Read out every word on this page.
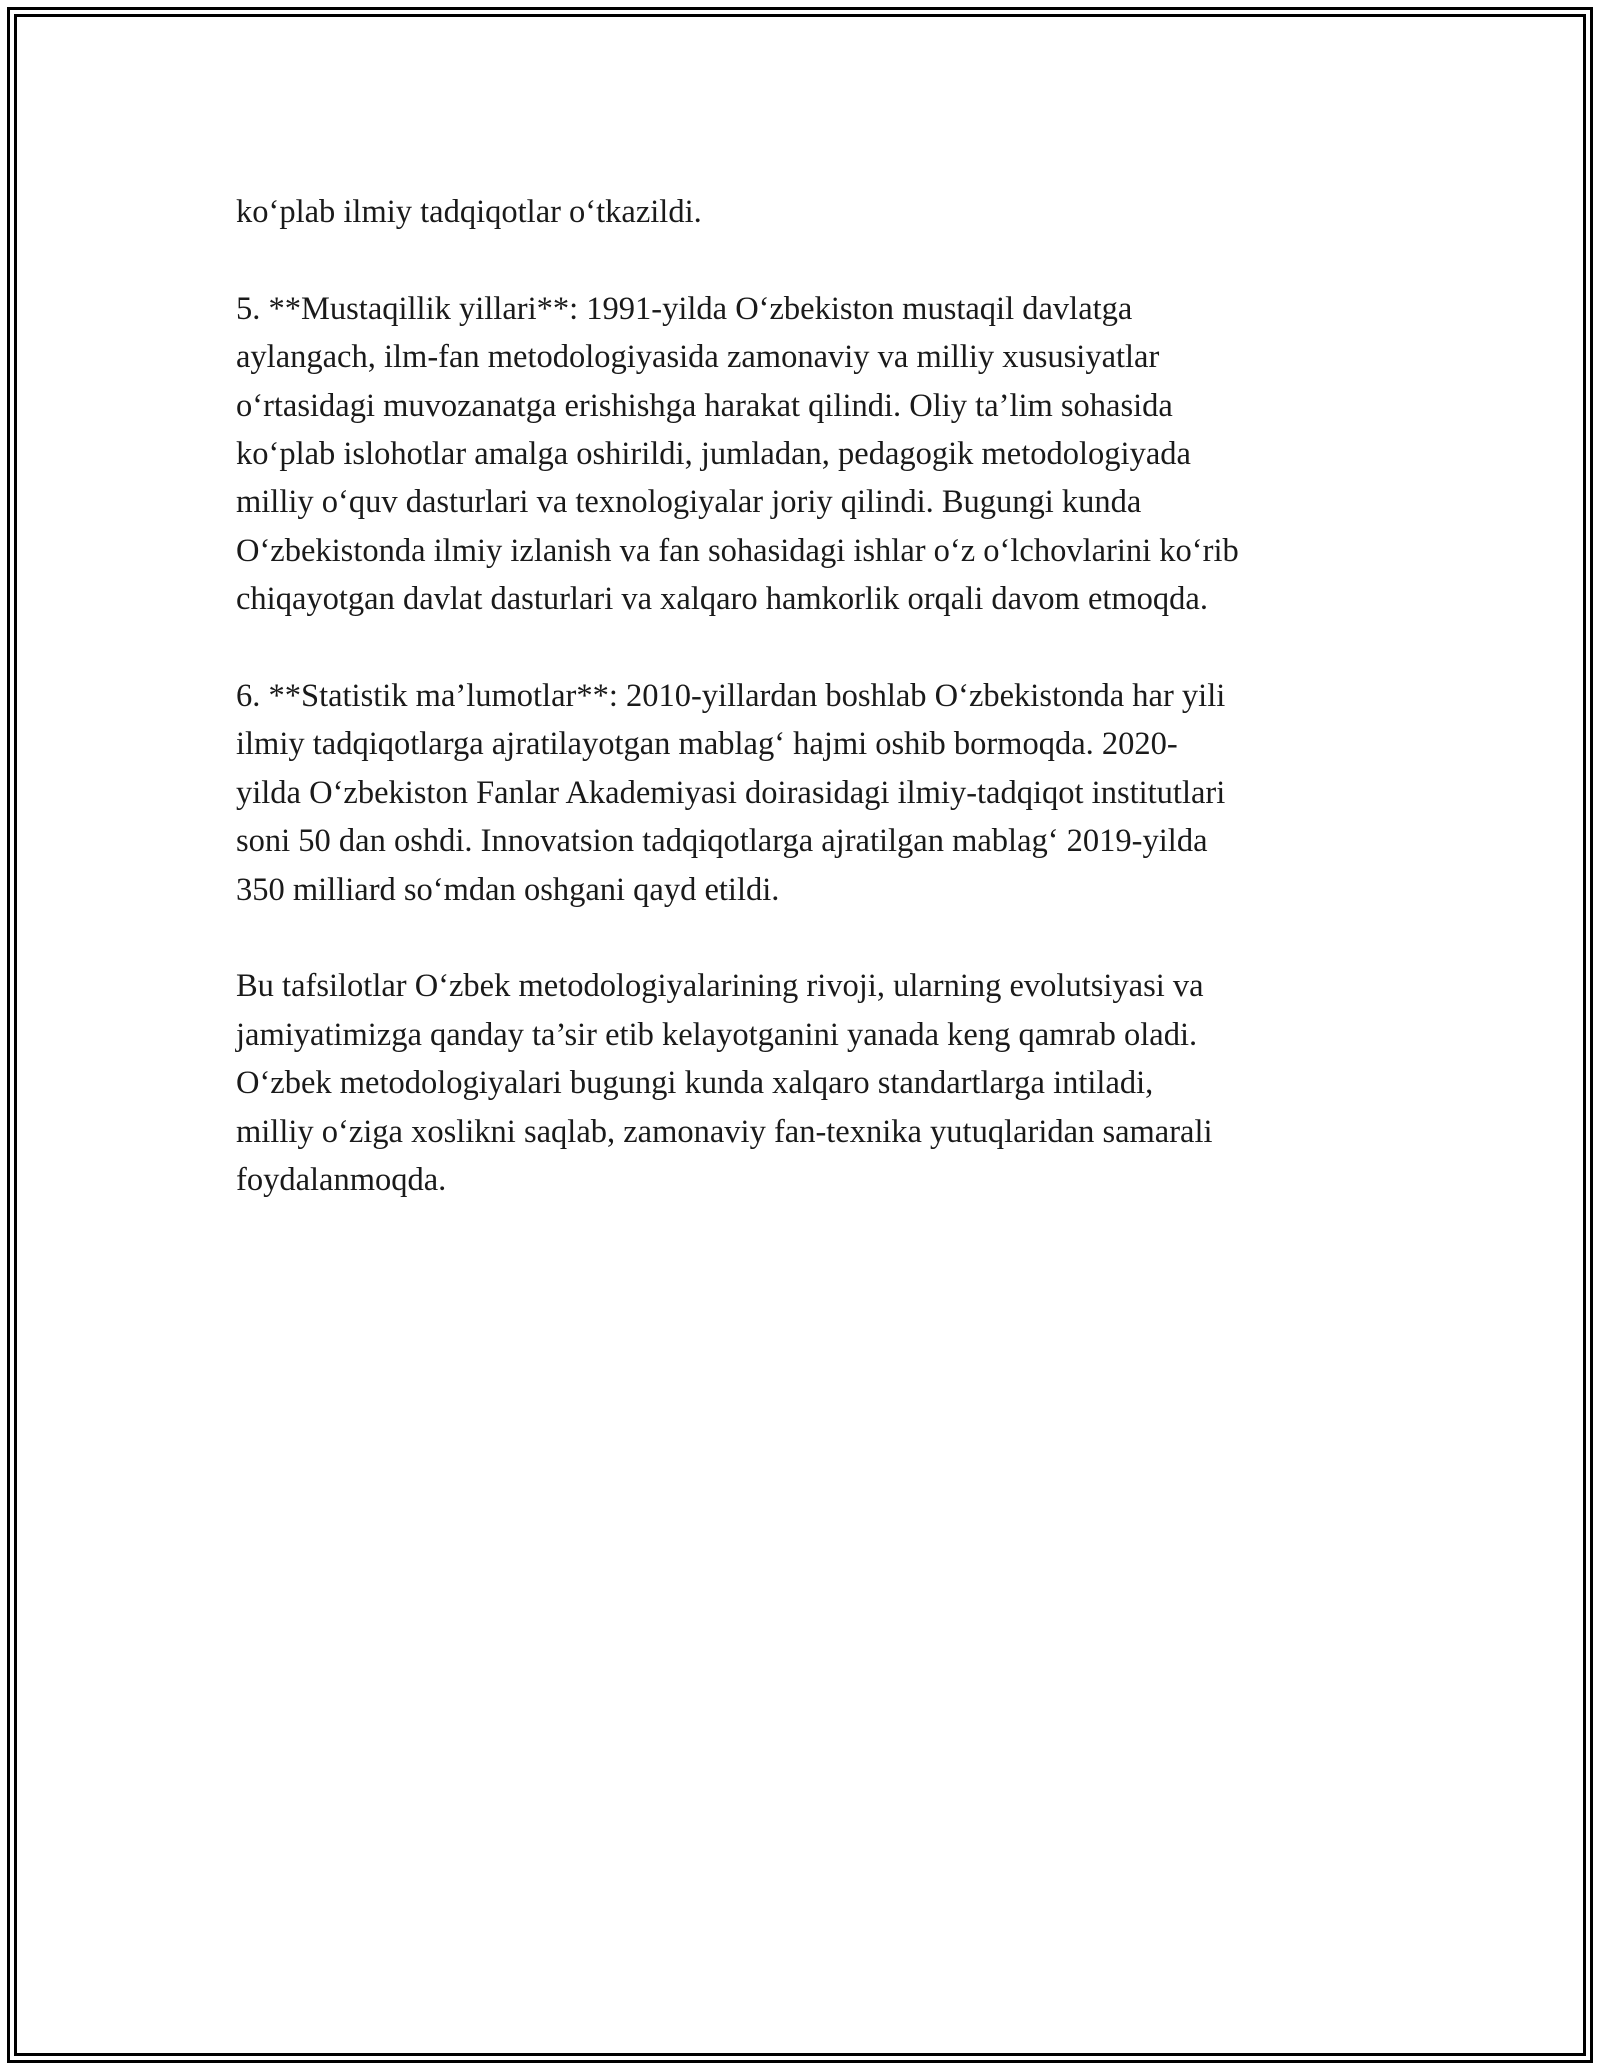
ko‘plab ilmiy tadqiqotlar o‘tkazildi.

5. **Mustaqillik yillari**: 1991-yilda O‘zbekiston mustaqil davlatga
aylangach, ilm-fan metodologiyasida zamonaviy va milliy xususiyatlar
o‘rtasidagi muvozanatga erishishga harakat qilindi. Oliy ta’lim sohasida
ko‘plab islohotlar amalga oshirildi, jumladan, pedagogik metodologiyada
milliy o‘quv dasturlari va texnologiyalar joriy qilindi. Bugungi kunda
O‘zbekistonda ilmiy izlanish va fan sohasidagi ishlar o‘z o‘lchovlarini ko‘rib
chiqayotgan davlat dasturlari va xalqaro hamkorlik orqali davom etmoqda.

6. **Statistik ma’lumotlar**: 2010-yillardan boshlab O‘zbekistonda har yili
ilmiy tadqiqotlarga ajratilayotgan mablag‘ hajmi oshib bormoqda. 2020-
yilda O‘zbekiston Fanlar Akademiyasi doirasidagi ilmiy-tadqiqot institutlari
soni 50 dan oshdi. Innovatsion tadqiqotlarga ajratilgan mablag‘ 2019-yilda
350 milliard so‘mdan oshgani qayd etildi.

Bu tafsilotlar O‘zbek metodologiyalarining rivoji, ularning evolutsiyasi va
jamiyatimizga qanday ta’sir etib kelayotganini yanada keng qamrab oladi.
O‘zbek metodologiyalari bugungi kunda xalqaro standartlarga intiladi,
milliy o‘ziga xoslikni saqlab, zamonaviy fan-texnika yutuqlaridan samarali
foydalanmoqda.
